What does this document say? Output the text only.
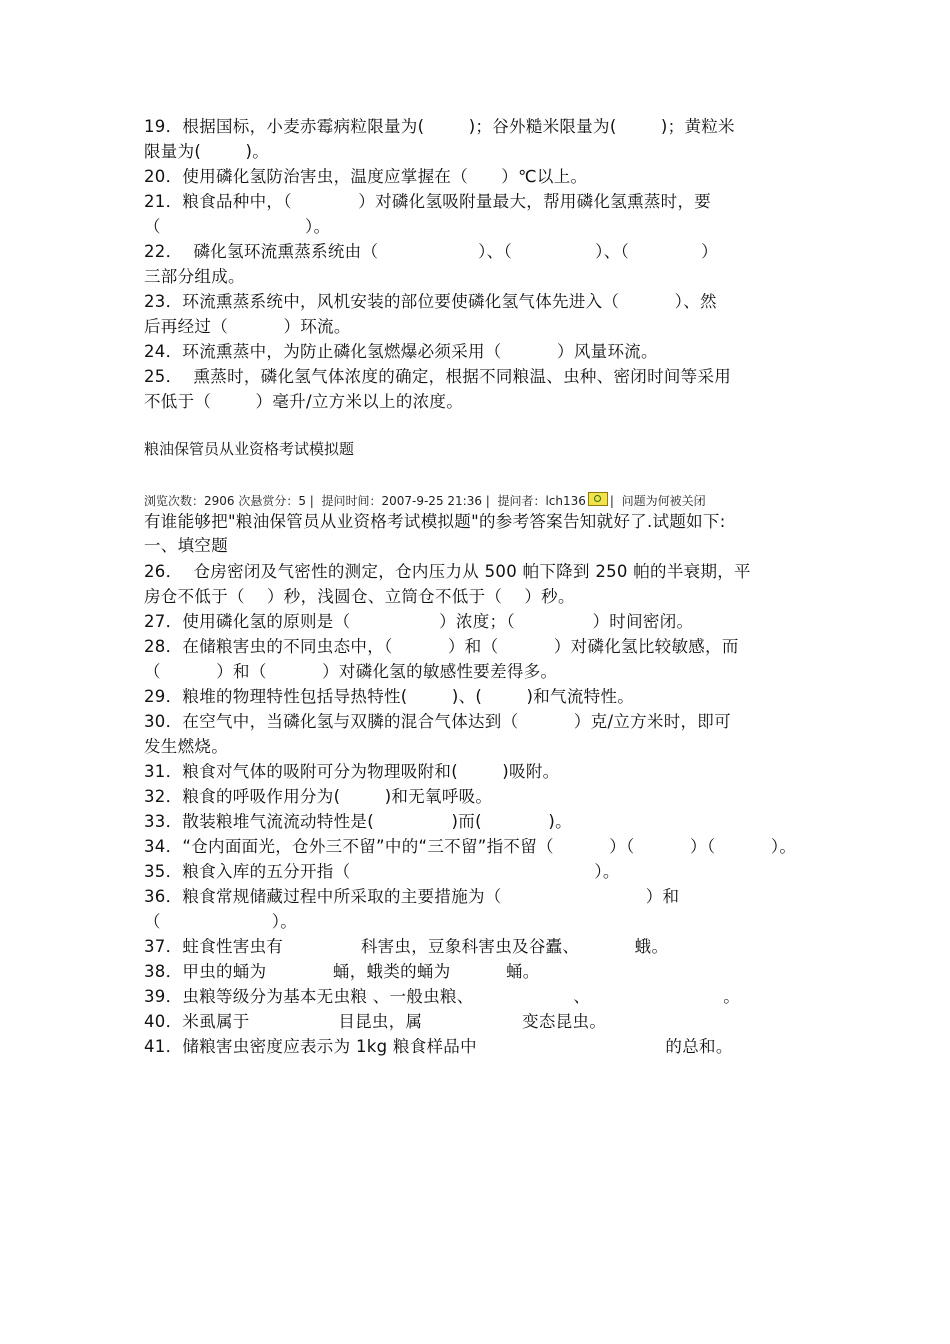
19．根据国标，小麦赤霉病粒限量为(        )；谷外糙米限量为(        )；黄粒米
限量为(        )。
20．使用磷化氢防治害虫，温度应掌握在（      ）℃以上。
21．粮食品种中，（            ）对磷化氢吸附量最大，帮用磷化氢熏蒸时，要
（                          ）。
22．  磷化氢环流熏蒸系统由（                  ）、（               ）、（             ）
三部分组成。
23．环流熏蒸系统中，风机安装的部位要使磷化氢气体先进入（          ）、然
后再经过（          ）环流。
24．环流熏蒸中，为防止磷化氢燃爆必须采用（          ）风量环流。
25．  熏蒸时，磷化氢气体浓度的确定，根据不同粮温、虫种、密闭时间等采用
不低于（        ）毫升/立方米以上的浓度。
粮油保管员从业资格考试模拟题
浏览次数：2906 次悬赏分：5 |  提问时间：2007-9-25 21:36 |  提问者：lch136 | 问题为何被关闭
有谁能够把"粮油保管员从业资格考试模拟题"的参考答案告知就好了.试题如下:
一、填空题
26．  仓房密闭及气密性的测定，仓内压力从 500 帕下降到 250 帕的半衰期，平
房仓不低于（    ）秒，浅圆仓、立筒仓不低于（    ）秒。
27．使用磷化氢的原则是（                ）浓度；（              ）时间密闭。
28．在储粮害虫的不同虫态中，（          ）和（          ）对磷化氢比较敏感，而
（          ）和（          ）对磷化氢的敏感性要差得多。
29．粮堆的物理特性包括导热特性(        )、(        )和气流特性。
30．在空气中，当磷化氢与双膦的混合气体达到（          ）克/立方米时，即可
发生燃烧。
31．粮食对气体的吸附可分为物理吸附和(        )吸附。
32．粮食的呼吸作用分为(        )和无氧呼吸。
33．散装粮堆气流流动特性是(              )而(            )。
34．“仓内面面光，仓外三不留”中的“三不留”指不留（          ）（          ）（          ）。
35．粮食入库的五分开指（                                            ）。
36．粮食常规储藏过程中所采取的主要措施为（                          ）和
（                    ）。
37．蛀食性害虫有              科害虫，豆象科害虫及谷蠹、          蛾。
38．甲虫的蛹为            蛹，蛾类的蛹为          蛹。
39．虫粮等级分为基本无虫粮 、一般虫粮、                  、                        。
40．米虱属于                目昆虫，属                  变态昆虫。
41．储粮害虫密度应表示为 1kg 粮食样品中                                  的总和。
